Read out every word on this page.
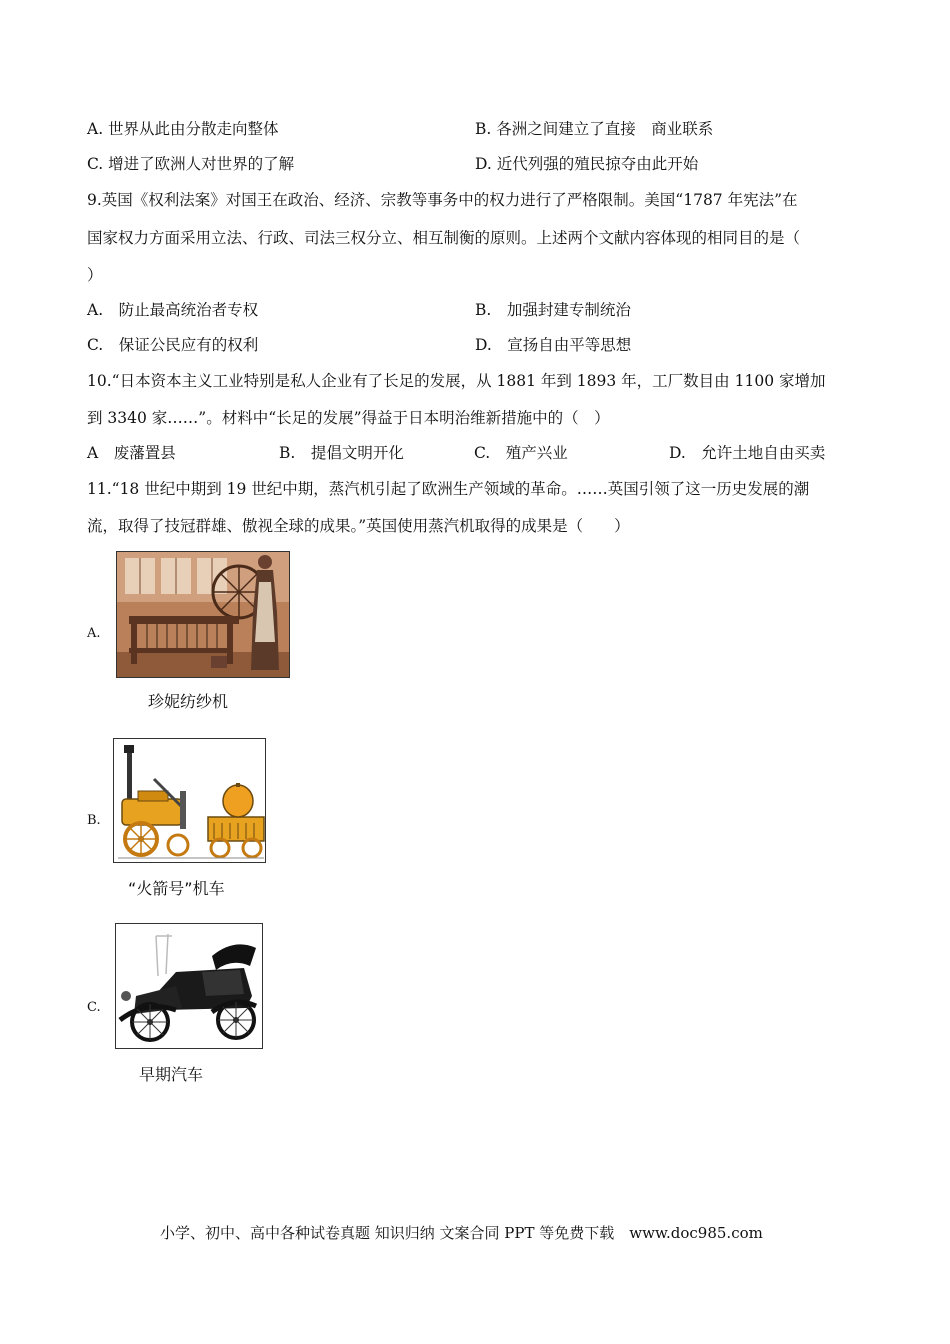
A. 世界从此由分散走向整体	B. 各洲之间建立了直接　商业联系
C. 增进了欧洲人对世界的了解	D. 近代列强的殖民掠夺由此开始
9.英国《权利法案》对国王在政治、经济、宗教等事务中的权力进行了严格限制。美国“1787 年宪法”在
国家权力方面采用立法、行政、司法三权分立、相互制衡的原则。上述两个文献内容体现的相同目的是（
）
A.　防止最高统治者专权	B.　加强封建专制统治
C.　保证公民应有的权利	D.　宣扬自由平等思想
10.“日本资本主义工业特别是私人企业有了长足的发展，从 1881 年到 1893 年，工厂数目由 1100 家增加
到 3340 家……”。材料中“长足的发展”得益于日本明治维新措施中的（　）
A　废藩置县	B.　提倡文明开化	C.　殖产兴业	D.　允许土地自由买卖
11.“18 世纪中期到 19 世纪中期，蒸汽机引起了欧洲生产领域的革命。……英国引领了这一历史发展的潮
流，取得了技冠群雄、傲视全球的成果。”英国使用蒸汽机取得的成果是（　　）
A.
珍妮纺纱机
B.
“火箭号”机车
C.
早期汽车
小学、初中、高中各种试卷真题 知识归纳 文案合同 PPT 等免费下载　www.doc985.com
